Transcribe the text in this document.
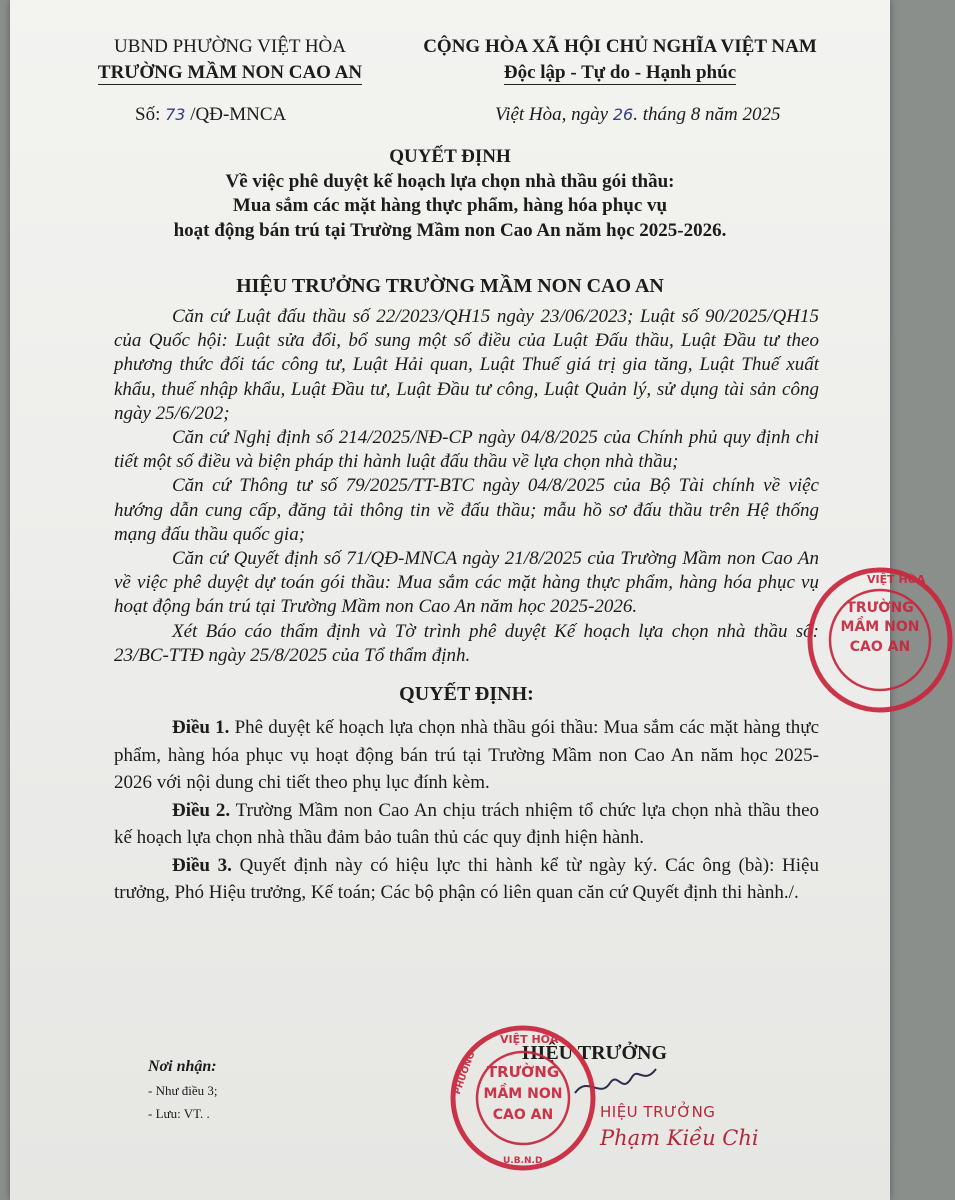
UBND PHƯỜNG VIỆT HÒA
TRƯỜNG MẦM NON CAO AN
CỘNG HÒA XÃ HỘI CHỦ NGHĨA VIỆT NAM
Độc lập - Tự do - Hạnh phúc
Số: 73 /QĐ-MNCA	Việt Hòa, ngày 26. tháng 8 năm 2025
QUYẾT ĐỊNH
Về việc phê duyệt kế hoạch lựa chọn nhà thầu gói thầu:
Mua sắm các mặt hàng thực phẩm, hàng hóa phục vụ
hoạt động bán trú tại Trường Mầm non Cao An năm học 2025-2026.
HIỆU TRƯỞNG TRƯỜNG MẦM NON CAO AN

Căn cứ Luật đấu thầu số 22/2023/QH15 ngày 23/06/2023; Luật số 90/2025/QH15 của Quốc hội: Luật sửa đổi, bổ sung một số điều của Luật Đấu thầu, Luật Đầu tư theo phương thức đối tác công tư, Luật Hải quan, Luật Thuế giá trị gia tăng, Luật Thuế xuất khẩu, thuế nhập khẩu, Luật Đầu tư, Luật Đầu tư công, Luật Quản lý, sử dụng tài sản công ngày 25/6/202;

Căn cứ Nghị định số 214/2025/NĐ-CP ngày 04/8/2025 của Chính phủ quy định chi tiết một số điều và biện pháp thi hành luật đấu thầu về lựa chọn nhà thầu;

Căn cứ Thông tư số 79/2025/TT-BTC ngày 04/8/2025 của Bộ Tài chính về việc hướng dẫn cung cấp, đăng tải thông tin về đấu thầu; mẫu hồ sơ đấu thầu trên Hệ thống mạng đấu thầu quốc gia;

Căn cứ Quyết định số 71/QĐ-MNCA ngày 21/8/2025 của Trường Mầm non Cao An về việc phê duyệt dự toán gói thầu: Mua sắm các mặt hàng thực phẩm, hàng hóa phục vụ hoạt động bán trú tại Trường Mầm non Cao An năm học 2025-2026.

Xét Báo cáo thẩm định và Tờ trình phê duyệt Kế hoạch lựa chọn nhà thầu số: 23/BC-TTĐ ngày 25/8/2025 của Tổ thẩm định.

QUYẾT ĐỊNH:

Điều 1. Phê duyệt kế hoạch lựa chọn nhà thầu gói thầu: Mua sắm các mặt hàng thực phẩm, hàng hóa phục vụ hoạt động bán trú tại Trường Mầm non Cao An năm học 2025-2026 với nội dung chi tiết theo phụ lục đính kèm.

Điều 2. Trường Mầm non Cao An chịu trách nhiệm tổ chức lựa chọn nhà thầu theo kế hoạch lựa chọn nhà thầu đảm bảo tuân thủ các quy định hiện hành.

Điều 3. Quyết định này có hiệu lực thi hành kể từ ngày ký. Các ông (bà): Hiệu trưởng, Phó Hiệu trưởng, Kế toán; Các bộ phận có liên quan căn cứ Quyết định thi hành./.

Nơi nhận:
- Như điều 3;
- Lưu: VT. .
HIỆU TRƯỞNG
HIỆU TRƯỞNG
Phạm Kiều Chi
TRƯỜNG
MẦM NON
CAO AN
VIỆT HÒA
TRƯỜNG
MẦM NON
CAO AN
VIỆT HÒA
PHƯỜNG
U.B.N.D
